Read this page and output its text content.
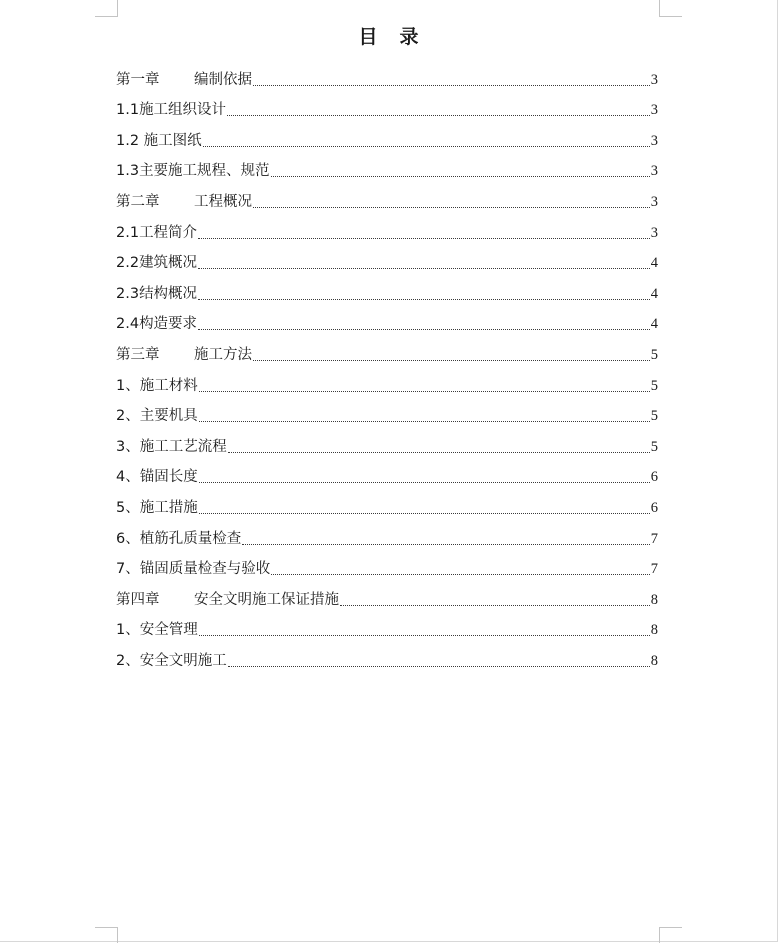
目录
第一章	编制依据	3
1.1 施工组织设计	3
1.2 施工图纸	3
1.3 主要施工规程、规范	3
第二章	工程概况	3
2.1 工程简介	3
2.2 建筑概况	4
2.3 结构概况	4
2.4 构造要求	4
第三章	施工方法	5
1、 施工材料	5
2、 主要机具	5
3、 施工工艺流程	5
4、 锚固长度	6
5、 施工措施	6
6、 植筋孔质量检查	7
7、 锚固质量检查与验收	7
第四章	安全文明施工保证措施	8
1、 安全管理	8
2、 安全文明施工	8
